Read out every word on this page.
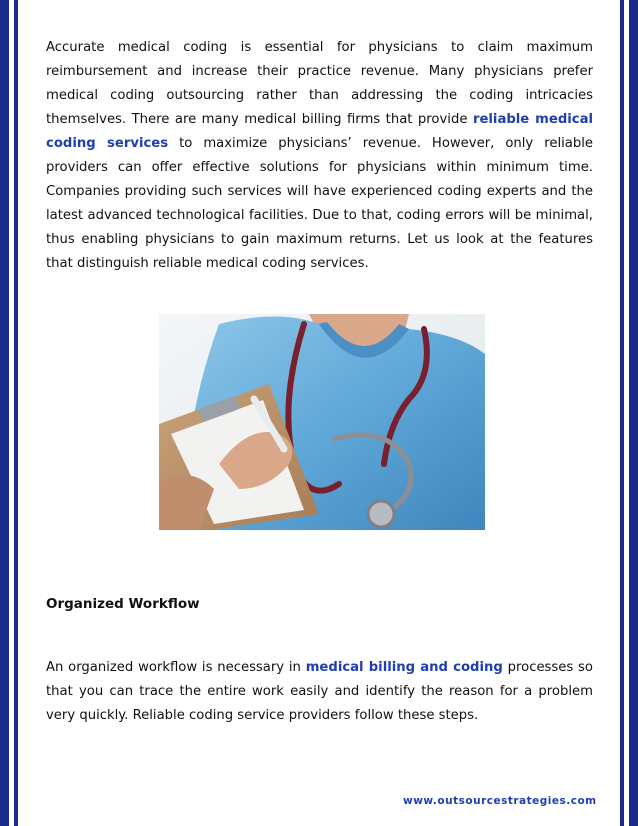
Accurate medical coding is essential for physicians to claim maximum reimbursement and increase their practice revenue. Many physicians prefer medical coding outsourcing rather than addressing the coding intricacies themselves. There are many medical billing firms that provide reliable medical coding services to maximize physicians’ revenue. However, only reliable providers can offer effective solutions for physicians within minimum time. Companies providing such services will have experienced coding experts and the latest advanced technological facilities. Due to that, coding errors will be minimal, thus enabling physicians to gain maximum returns. Let us look at the features that distinguish reliable medical coding services.

Organized Workflow

An organized workflow is necessary in medical billing and coding processes so that you can trace the entire work easily and identify the reason for a problem very quickly. Reliable coding service providers follow these steps.

www.outsourcestrategies.com
